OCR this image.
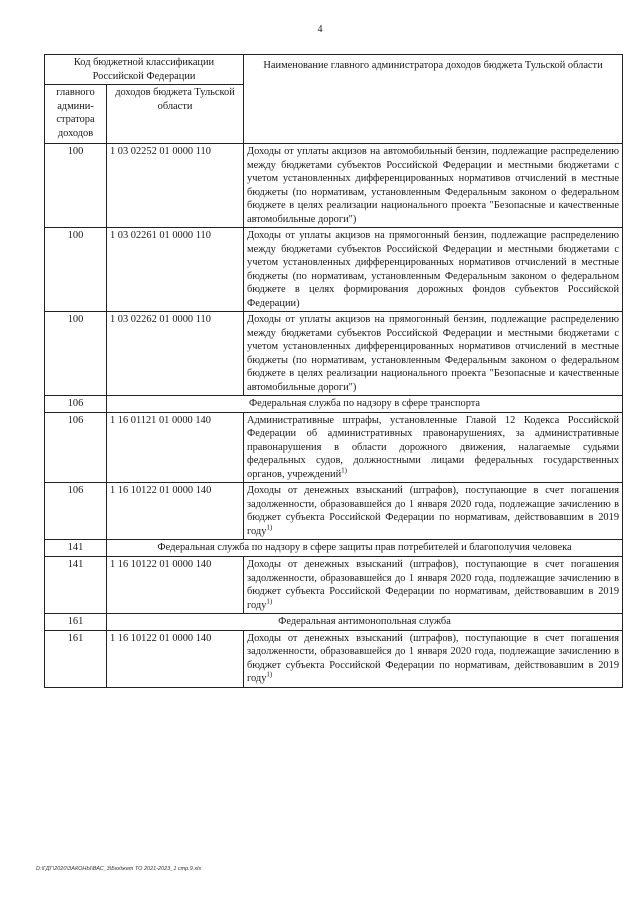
4
Код бюджетной классификации Российской Федерации		Наименование главного администратора доходов бюджета Тульской области
главного админи-стратора доходов	доходов бюджета Тульской области	
100	1 03 02252 01 0000 110	Доходы от уплаты акцизов на автомобильный бензин, подлежащие распределению между бюджетами субъектов Российской Федерации и местными бюджетами с учетом установленных дифференцированных нормативов отчислений в местные бюджеты (по нормативам, установленным Федеральным законом о федеральном бюджете в целях реализации национального проекта "Безопасные и качественные автомобильные дороги")
100	1 03 02261 01 0000 110	Доходы от уплаты акцизов на прямогонный бензин, подлежащие распределению между бюджетами субъектов Российской Федерации и местными бюджетами с учетом установленных дифференцированных нормативов отчислений в местные бюджеты (по нормативам, установленным Федеральным законом о федеральном бюджете в целях формирования дорожных фондов субъектов Российской Федерации)
100	1 03 02262 01 0000 110	Доходы от уплаты акцизов на прямогонный бензин, подлежащие распределению между бюджетами субъектов Российской Федерации и местными бюджетами с учетом установленных дифференцированных нормативов отчислений в местные бюджеты (по нормативам, установленным Федеральным законом о федеральном бюджете в целях реализации национального проекта "Безопасные и качественные автомобильные дороги")
106	Федеральная служба по надзору в сфере транспорта	
106	1 16 01121 01 0000 140	Административные штрафы, установленные Главой 12 Кодекса Российской Федерации об административных правонарушениях, за административные правонарушения в области дорожного движения, налагаемые судьями федеральных судов, должностными лицами федеральных государственных органов, учреждений$^{1)}$
106	1 16 10122 01 0000 140	Доходы от денежных взысканий (штрафов), поступающие в счет погашения задолженности, образовавшейся до 1 января 2020 года, подлежащие зачислению в бюджет субъекта Российской Федерации по нормативам, действовавшим в 2019 году$^{1)}$
141	Федеральная служба по надзору в сфере защиты прав потребителей и благополучия человека	
141	1 16 10122 01 0000 140	Доходы от денежных взысканий (штрафов), поступающие в счет погашения задолженности, образовавшейся до 1 января 2020 года, подлежащие зачислению в бюджет субъекта Российской Федерации по нормативам, действовавшим в 2019 году$^{1)}$
161	Федеральная антимонопольная служба	
161	1 16 10122 01 0000 140	Доходы от денежных взысканий (штрафов), поступающие в счет погашения задолженности, образовавшейся до 1 января 2020 года, подлежащие зачислению в бюджет субъекта Российской Федерации по нормативам, действовавшим в 2019 году$^{1)}$
D:\ГДГ\2020\ЗАКОНЫ\ВАС_3\Бюджет ТО 2021-2023_1 стр.9.xls
